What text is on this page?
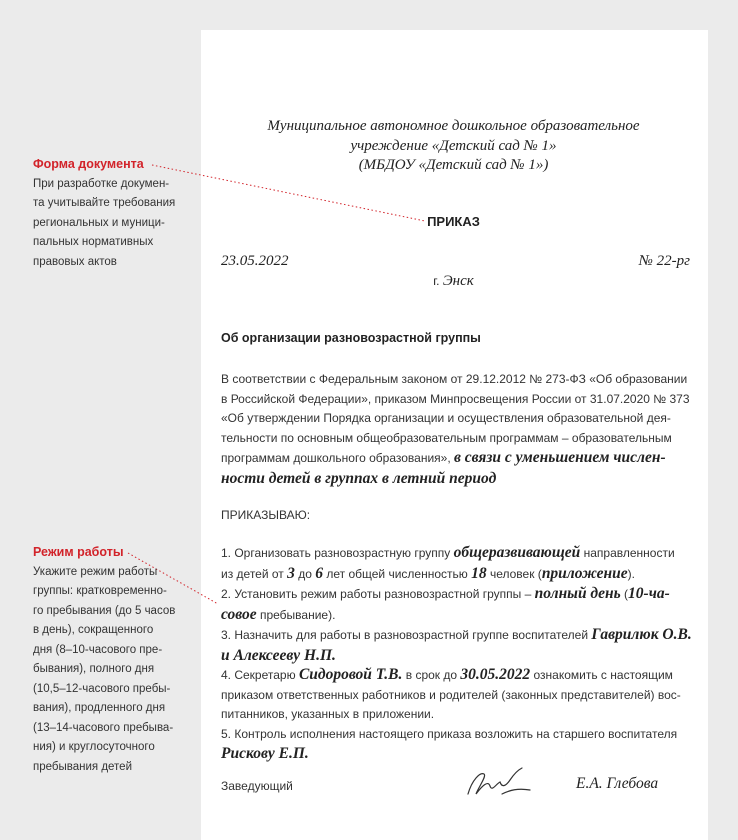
Форма документа
При разработке докумен-
та учитывайте требования
региональных и муници-
пальных нормативных
правовых актов
Режим работы
Укажите режим работы
группы: кратковременно-
го пребывания (до 5 часов
в день), сокращенного
дня (8–10-часового пре-
бывания), полного дня
(10,5–12-часового пребы-
вания), продленного дня
(13–14-часового пребыва-
ния) и круглосуточного
пребывания детей
Муниципальное автономное дошкольное образовательное
учреждение «Детский сад № 1»
(МБДОУ «Детский сад № 1»)
ПРИКАЗ
23.05.2022	№ 22-рг
г. Энск
Об организации разновозрастной группы
В соответствии с Федеральным законом от 29.12.2012 № 273-ФЗ «Об образовании
в Российской Федерации», приказом Минпросвещения России от 31.07.2020 № 373
«Об утверждении Порядка организации и осуществления образовательной дея-
тельности по основным общеобразовательным программам – образовательным
программам дошкольного образования», в связи с уменьшением числен-
ности детей в группах в летний период
ПРИКАЗЫВАЮ:
1. Организовать разновозрастную группу общеразвивающей направленности
из детей от 3 до 6 лет общей численностью 18 человек (приложение).
2. Установить режим работы разновозрастной группы – полный день (10-ча-
совое пребывание).
3. Назначить для работы в разновозрастной группе воспитателей Гаврилюк О.В.
и Алексееву Н.П.
4. Секретарю Сидоровой Т.В. в срок до 30.05.2022 ознакомить с настоящим
приказом ответственных работников и родителей (законных представителей) вос-
питанников, указанных в приложении.
5. Контроль исполнения настоящего приказа возложить на старшего воспитателя
Рискову Е.П.
Заведующий	Е.А. Глебова
